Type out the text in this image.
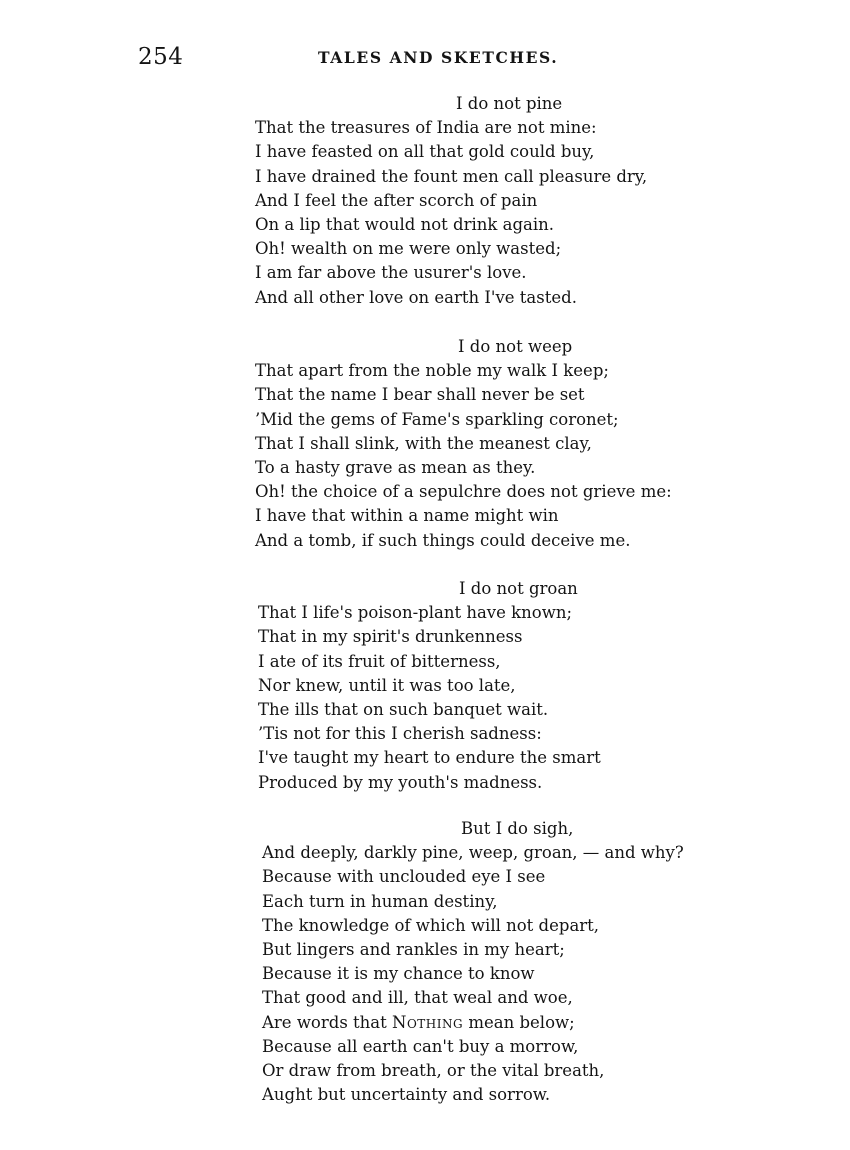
254	TALES AND SKETCHES.
I do not pine
That the treasures of India are not mine:
I have feasted on all that gold could buy,
I have drained the fount men call pleasure dry,
And I feel the after scorch of pain
On a lip that would not drink again.
Oh! wealth on me were only wasted;
I am far above the usurer's love.
And all other love on earth I've tasted.
I do not weep
That apart from the noble my walk I keep;
That the name I bear shall never be set
’Mid the gems of Fame's sparkling coronet;
That I shall slink, with the meanest clay,
To a hasty grave as mean as they.
Oh! the choice of a sepulchre does not grieve me:
I have that within a name might win
And a tomb, if such things could deceive me.
I do not groan
That I life's poison-plant have known;
That in my spirit's drunkenness
I ate of its fruit of bitterness,
Nor knew, until it was too late,
The ills that on such banquet wait.
’Tis not for this I cherish sadness:
I've taught my heart to endure the smart
Produced by my youth's madness.
But I do sigh,
And deeply, darkly pine, weep, groan, — and why?
Because with unclouded eye I see
Each turn in human destiny,
The knowledge of which will not depart,
But lingers and rankles in my heart;
Because it is my chance to know
That good and ill, that weal and woe,
Are words that Nothing mean below;
Because all earth can't buy a morrow,
Or draw from breath, or the vital breath,
Aught but uncertainty and sorrow.
